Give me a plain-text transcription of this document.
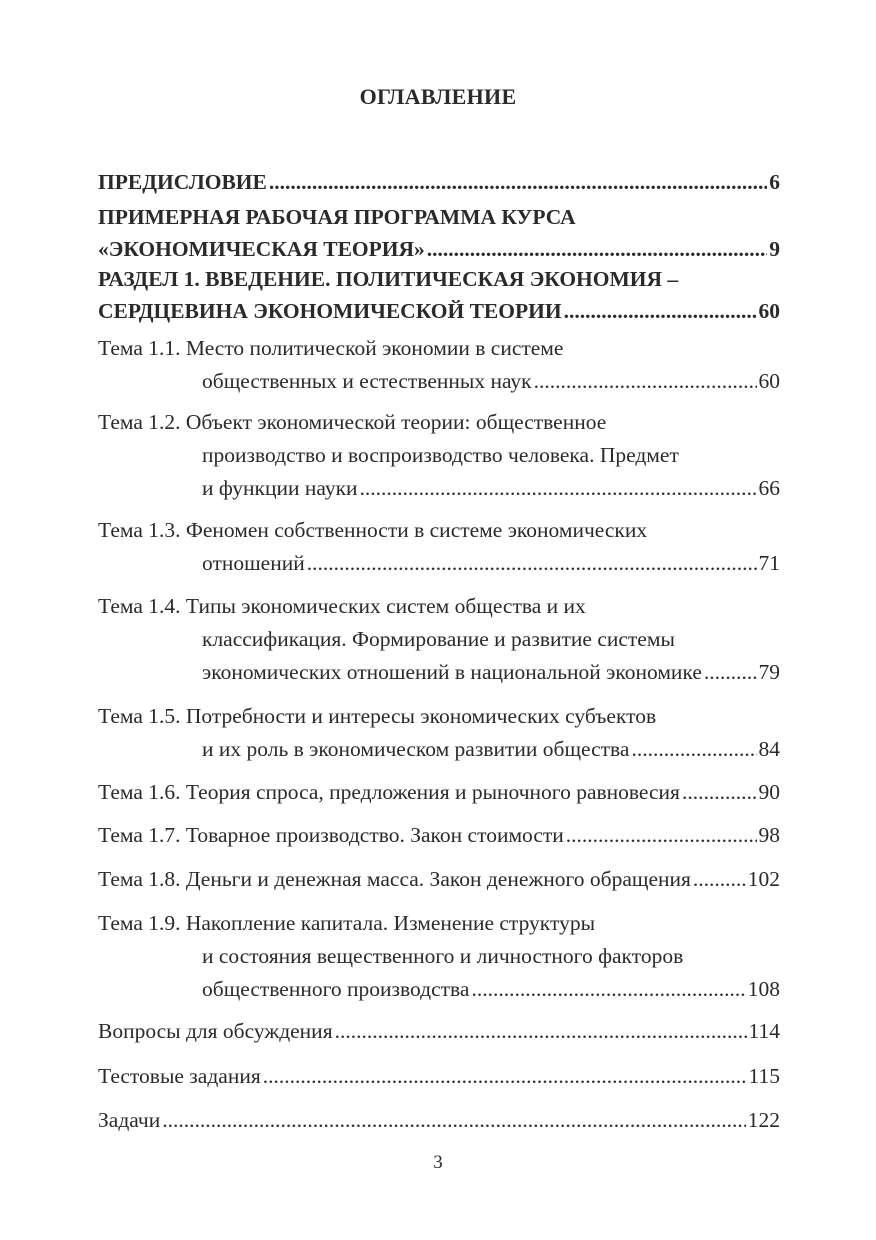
ОГЛАВЛЕНИЕ
ПРЕДИСЛОВИЕ .....	6
ПРИМЕРНАЯ РАБОЧАЯ ПРОГРАММА КУРСА
«ЭКОНОМИЧЕСКАЯ ТЕОРИЯ» .....	9
РАЗДЕЛ 1. ВВЕДЕНИЕ. ПОЛИТИЧЕСКАЯ ЭКОНОМИЯ –
СЕРДЦЕВИНА ЭКОНОМИЧЕСКОЙ ТЕОРИИ .....	60
Тема 1.1. Место политической экономии в системе
общественных и естественных наук .....	60
Тема 1.2. Объект экономической теории: общественное
производство и воспроизводство человека. Предмет
и функции науки .....	66
Тема 1.3. Феномен собственности в системе экономических
отношений .....	71
Тема 1.4. Типы экономических систем общества и их
классификация. Формирование и развитие системы
экономических отношений в национальной экономике .....	79
Тема 1.5. Потребности и интересы экономических субъектов
и их роль в экономическом развитии общества .....	84
Тема 1.6. Теория спроса, предложения и рыночного равновесия .....	90
Тема 1.7. Товарное производство. Закон стоимости .....	98
Тема 1.8. Деньги и денежная масса. Закон денежного обращения .....	102
Тема 1.9. Накопление капитала. Изменение структуры
и состояния вещественного и личностного факторов
общественного производства .....	108
Вопросы для обсуждения .....	114
Тестовые задания .....	115
Задачи .....	122
3
